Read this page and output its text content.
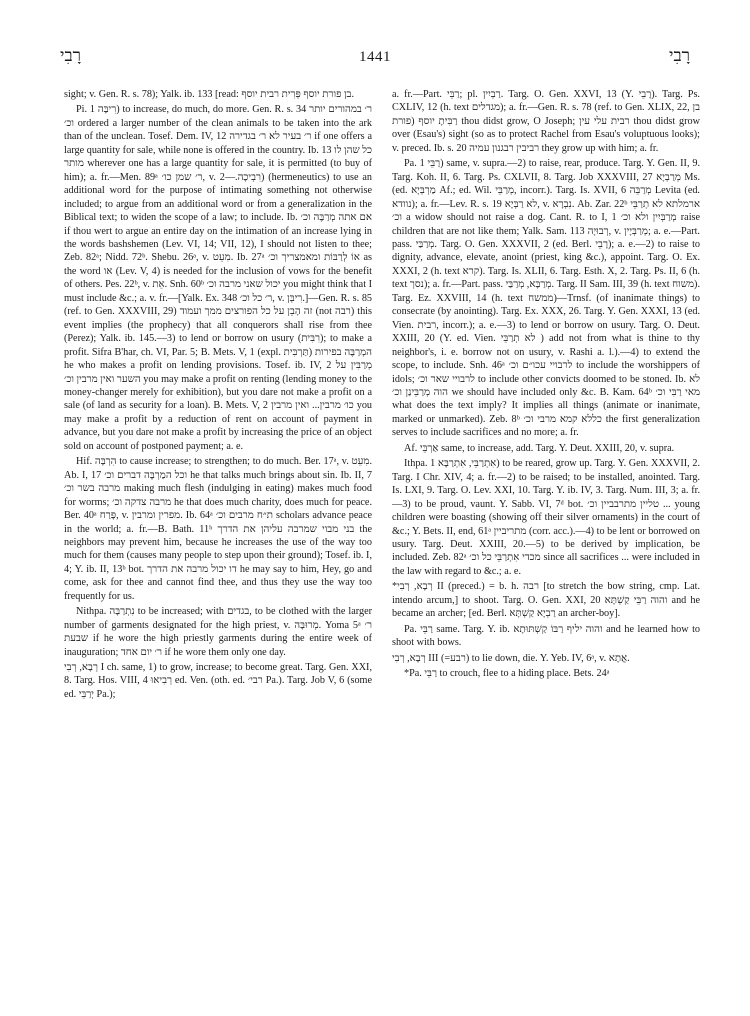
רָבִי	1441	רָבִי

sight; v. Gen. R. s. 78); Yalk. ib. 133 [read: בן פורת יוסף פְּרִית רבית יוסף.

Pi. רִיבָּה 1) to increase, do much, do more. Gen. R. s. 34 ר׳ במהורים יותר וכ׳ ordered a larger number of the clean animals to be taken into the ark than of the unclean. Tosef. Dem. IV, 12 ר׳ בעיר לא ר׳ בגדירה if one offers a large quantity for sale, while none is offered in the country. Ib. 13 כל שהן לו מותר wherever one has a large quantity for sale, it is permitted (to buy of him); a. fr.—Men. 89ᵃ ר׳ שמן כו׳, v. רִבְיכָה.—2) (hermeneutics) to use an additional word for the purpose of intimating something not otherwise included; to argue from an additional word or from a generalization in the Biblical text; to widen the scope of a law; to include. Ib. אם אתה מְרַבֶּה וכ׳ if thou wert to argue an entire day on the intimation of an increase lying in the words bashshemen (Lev. VI, 14; VII, 12), I should not listen to thee; Zeb. 82ᵃ; Nidd. 72ᵇ. Shebu. 26ᵃ, v. מִעֵט. Ib. 27ᵃ אוֹ לְרַבּוֹת ומאמצריך וכ׳ as the word או (Lev. V, 4) is needed for the inclusion of vows for the benefit of others. Pes. 22ᵇ, v. אֵת. Snh. 60ᵇ יכול שאני מרבה וכ׳ you might think that I must include &c.; a. v. fr.—[Yalk. Ex. 348 ר׳ כל וכ׳, v. רִיבְּן.]—Gen. R. s. 85 (ref. to Gen. XXXVIII, 29) זה הָבֵן על כל הפורצים ממך ועמוד (not רבה) this event implies (the prophecy) that all conquerors shall rise from thee (Perez); Yalk. ib. 145.—3) to lend or borrow on usury (רִבִּית); to make a profit. Sifra B'har, ch. VI, Par. 5; B. Mets. V, 1 (expl. תַּרְבִּית) המְרַבֶּה בפירות he who makes a profit on lending provisions. Tosef. ib. IV, 2 מְרַבִּין על השער ואין מרבין וכ׳ you may make a profit on renting (lending money to the money-changer merely for exhibition), but you dare not make a profit on a sale (of land as security for a loan). B. Mets. V, 2 כו׳ מרבין... ואין מרבין you may make a profit by a reduction of rent on account of payment in advance, but you dare not make a profit by increasing the price of an object sold on account of postponed payment; a. e.

Hif. הִרְבָּה to cause increase; to strengthen; to do much. Ber. 17ᵃ, v. מִעֵט. Ab. I, 17 וכל המַרְבֶּה דברים וכ׳ he that talks much brings about sin. Ib. II, 7 מרבה בשר וכ׳ making much flesh (indulging in eating) makes much food for worms; מרבה צדקה וכ׳ he that does much charity, does much for peace. Ber. 40ᵃ פָּרַח, v. מפרין ומרבין. Ib. 64ᵃ ת״ח מרבים וכ׳ scholars advance peace in the world; a. fr.—B. Bath. 11ᵇ בני מבוי שמרבה עליהן את הדרך the neighbors may prevent him, because he increases the use of the way too much for them (causes many people to step upon their ground); Tosef. ib. I, 4; Y. ib. II, 13ᵇ bot. דו יכול מרבה את הדרך he may say to him, Hey, go and come, ask for thee and cannot find thee, and thus they use the way too frequently for us.

Nithpa. נִתְרַבָּה to be increased; with בגדים, to be clothed with the larger number of garments designated for the high priest, v. מְרוּבָּה. Yoma 5ᵃ ר׳ שבעת if he wore the high priestly garments during the entire week of inauguration; ר׳ יום אחד if he wore them only one day.

רְבָא, רְבִי I ch. same, 1) to grow, increase; to become great. Targ. Gen. XXI, 8. Targ. Hos. VIII, 4 רְבִיאוּ ed. Ven. (oth. ed. רבי׳ Pa.). Targ. Job V, 6 (some ed. יְרַבֵּי Pa.);

a. fr.—Part. רַבֵּי; pl. רַבְיִין. Targ. O. Gen. XXVI, 13 (Y. רָבֵי). Targ. Ps. CXLIV, 12 (h. text מגדלים); a. fr.—Gen. R. s. 78 (ref. to Gen. XLIX, 22, בן פורת) רַבִּיתָ יוסף thou didst grow, O Joseph; רבית עלי עין thou didst grow over (Esau's) sight (so as to protect Rachel from Esau's voluptuous looks); v. preced. Ib. s. 20 רביבין רבגנון עמיה they grow up with him; a. fr.

Pa. רַבֵּי 1) same, v. supra.—2) to raise, rear, produce. Targ. Y. Gen. II, 9. Targ. Koh. II, 6. Targ. Ps. CXLVII, 8. Targ. Job XXXVIII, 27 מְרַבְיָא Ms. (ed. מַרְבְּיָא Af.; ed. Wil. מְרַבֵּי, incorr.). Targ. Is. XVII, 6 מְרַבֵּה Levita (ed. נוודא); a. fr.—Lev. R. s. 19 לא רַבְּיָא, v. נִבְרָא. Ab. Zar. 22ᵇ ארמלתא לא תְרַבֵּי וכ׳ a widow should not raise a dog. Cant. R. to I, 1 מְרַבְּיִין ולא וכ׳ raise children that are not like them; Yalk. Sam. 113 רְבוּיָה, v. מְרַבְּיָין; a. e.—Part. pass. מְרַבַּי. Targ. O. Gen. XXXVII, 2 (ed. Berl. רָבֵי); a. e.—2) to raise to dignity, advance, elevate, anoint (priest, king &c.), appoint. Targ. O. Ex. XXXI, 2 (h. text קרא). Targ. Is. XLII, 6. Targ. Esth. X, 2. Targ. Ps. II, 6 (h. text נסך); a. fr.—Part. pass. מְרַבָּא, מְרַבַּי. Targ. II Sam. III, 39 (h. text משוח). Targ. Ez. XXVIII, 14 (h. text ממשח)—Trnsf. (of inanimate things) to consecrate (by anointing). Targ. Ex. XXX, 26. Targ. Y. Gen. XXXI, 13 (ed. Vien. רבית, incorr.); a. e.—3) to lend or borrow on usury. Targ. O. Deut. XXIII, 20 (Y. ed. Vien. לא תְרַבֵּי ) add not from what is thine to thy neighbor's, i. e. borrow not on usury, v. Rashi a. l.).—4) to extend the scope, to include. Snh. 46ᵃ לרבויי עכו״ם וכ׳ to include the worshippers of idols; לרבויי שאר וכ׳ to include other convicts doomed to be stoned. Ib. לא הוה מְרַבֵּינַן וכ׳ we should have included only &c. B. Kam. 64ᵇ מאי רַבִּי וכ׳ what does the text imply? It implies all things (animate or inanimate, marked or unmarked). Zeb. 8ᵇ כללא קמא מרבי וכ׳ the first generalization serves to include sacrifices and no more; a. fr.

Af. אַרְבֵּי same, to increase, add. Targ. Y. Deut. XXIII, 20, v. supra.

Ithpa. אִתְרַבֵּי, אִתְרַבָּא 1) to be reared, grow up. Targ. Y. Gen. XXXVII, 2. Targ. I Chr. XIV, 4; a. fr.—2) to be raised; to be installed, anointed. Targ. Is. LXI, 9. Targ. O. Lev. XXI, 10. Targ. Y. ib. IV, 3. Targ. Num. III, 3; a. fr.—3) to be proud, vaunt. Y. Sabb. VI, 7ᵈ bot. טליין מתרבביין וכ׳ ... young children were boasting (showing off their silver ornaments) in the court of &c.; Y. Bets. II, end, 61ᵃ מתריביין (corr. acc.).—4) to be lent or borrowed on usury. Targ. Deut. XXIII, 20.—5) to be derived by implication, be included. Zeb. 82ᵃ מכדי אִתְרַבֵּי כל וכ׳ since all sacrifices ... were included in the law with regard to &c.; a. e.

*רְבָא, רְבִי II (preced.) = b. h. רבה [to stretch the bow string, cmp. Lat. intendo arcum,] to shoot. Targ. O. Gen. XXI, 20 והוה רַבֵּי קַשְׁתָּא and he became an archer; [ed. Berl. רַבְיָא קַשְׁתָּא an archer-boy].

Pa. רַבֵּי same. Targ. Y. ib. והוה יליף רַבּוֹ קַשְׁתּוּתָא and he learned how to shoot with bows.

רְבָא, רְבִי III (=רבע) to lie down, die. Y. Yeb. IV, 6ᵃ, v. אֲתָא.

*Pa. רַבֵּי to crouch, flee to a hiding place. Bets. 24ᵃ
